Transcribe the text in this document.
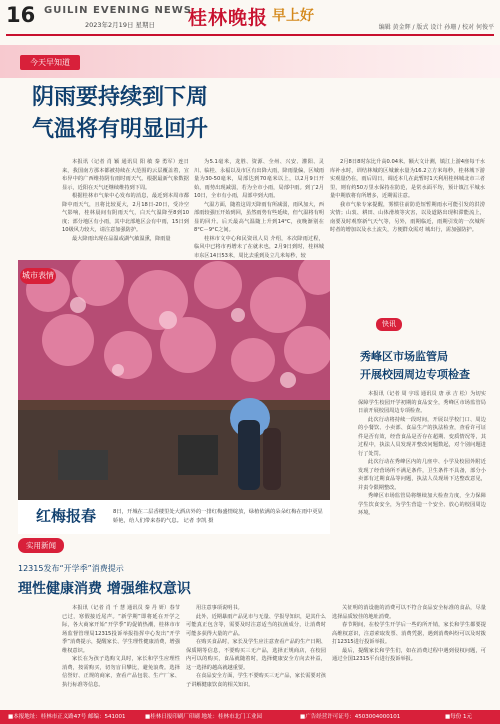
16 GUILIN EVENING NEWS
2023年2月19日 星期日 桂林晚报 早上好
编辑 黄金辉 / 版式 设计 孙珊 / 校对 何俊平
今天早知道
阴雨要持续到下周
气温将有明显回升

本报讯（记者 肖 颖 通讯员 阳 敏 秦 勇军）连日来，我国南方那本都被持续在大范围的云层覆盖着，宣布异中的广西维持阴有雨时雨天气。根据最新气象数据显示，近阳在天气还继续维持到下周。

根据桂林市气象中心发布的消息，最近到本周市都降中雨天气，且将比较夏大，2月18日-20日，受冷空气影响，桂林晨间有阴雨天气，白天气温降至8到10度；部分地区有小雨，其中北部地区会有中雨，15日到10级风力较大，请注意加强防护。

最大降雨出现在品温或湖气敏温熏，降雨量

为5.1毫米，龙胜、资源、全州、兴安、灌阳、灵川、临桂、永福以及市区有出降大雨，降雨量偏，区城雨量为30-50毫米，局部达到70毫米以上，以2月9日开始，雨势出现减弱，若为全市小雨，局部中雨。到了2月10日，全市有小雨，局部中到大雨。

气温方面，随着这周天降雨有所减弱，雨风加大，西部雨较强压开始到回，虽然雨势有些延续，但气温将有明显的回升。后天最高气温随上升到14°C，夜晚渐别在8°C－9°C之间。

桂林市文中心和民资讯人员 介绍，本次降雨过程，临风中已将市再增未了在就未也，2月9日到时，桂林城市东区14日53米，周比去重到及立几米每秒，较

2月8日8时东比升高0.04米。额大文计测，镇江上游4座每干水库补水时，训结林城的区城兼水量为16.2立方米每秒，桂林城下游实观量仍在，雨后周日，调近本几在此暂时1天利用桂林城北市三者里，则有约50万里水保持在防范，是常水面平均，预计镇江平城水量中期放将有所增多，近期需注意。

我市气象专家提醒，雾惯往前防范短暂期雨水可能引发的洪涝灾情；山衷、耕田、山体滑坡等灾害，以及道路出现积滞能流上，南要及时观察新气天气等，另外，雨期临近，雨期引发的一次城所时者的增加以及水土流失，方便群众需对 城出行，需加强防护。

城市表情
红梅报春	8日，开城在二层香楼里处大酒店外的一排红梅盛情绽放，绿植依满的朵朵红梅在雨中更显娇艳，给人们带来春的气息。 记者 李凯 摄
快讯
秀峰区市场监管局
开展校园周边专项检查

本报讯（记者 周 宇瑶 通讯员 唐 承 吉 松）为切实保障学生校园开学初期的食品安全，秀峰区市场监管局日前开展校园周边专项检查。

此次行动将持续一段时间，开展以学校门口、周边的小餐饮、小卖部、食品生产的执法检查，查看许可证件是否有效，经营食品是否存在超期、变质情况等，其过程中，执法人员发现并整改问题数起，对个别问题进行了处罚。

此次行动在秀峰区内的几座中、小学及校园外附近发现了经营场所不满足条件，卫生条件不具备，部分小卖部有过期食品等问题，执法人员现场下达整改意见，并责令限期整改。

秀峰区市场监管局将继续加大检查力度，全力保障学生饮食安全，为学生营造一个安全、放心的校园周边环境。

实用新闻
12315发布“开学季”消费提示
理性健康消费 增强维权意识

本报讯（记者 肖 千 慧 通讯员 秦 丹 妍）春节已过，寒假接近尾声。“新学期”即将延在开学之际，各大商家开始“开学季”的促销热潮，桂林市市场监督管理局12315投诉举报指挥中心发出“开学季”消费提示，提醒家长、学生理性健康消费，增强维权意识。

家长在为孩子选购文具时，家长和学生应理性消费，按需购买，切勿盲目攀比，避免浪费。选择信誉好、正规的商家，查看产品包装、生产厂家、执行标准等信息。

用注意事项说明书。

此外，近期暴雨产品见市与无量、学报导知识，是其什么可能真正包含等，需要及时注意适当的抗菌成分，让消费时可能多获得大量的产品。

在购买食品时，家长及学生应注意查看产品的生产日期、保质期等信息，不要购买三无产品，选择正规商店，在校园内可以的购买，食品就随着时，选择健康安全方向去补益，这一选择的越高就越重要。

在食品安全方面，学生不要购买三无产品，家长需要对孩子讲解健康饮食的相关知识。

关征明的消设施的消费可以不符合食品安全标准的食品，尽量选择品质较佳的地址消费。

春节期间，在校学生开学后一些的所开销，家长和学生都要提高维权意识，注意索取发票、消费凭据，遇到消费纠纷可以及时拨打12315进行投诉举报。

最后，提醒家长和学生们，如在消费过程中遇到侵权问题，可通过全国12315平台进行投诉举报。

■本报地址：桂林市正义路47号 邮编：541001	■桂林日报印刷厂印刷 地址：桂林市北门工业园	■广告经营许可证号：4503004000101	■每份 1元
